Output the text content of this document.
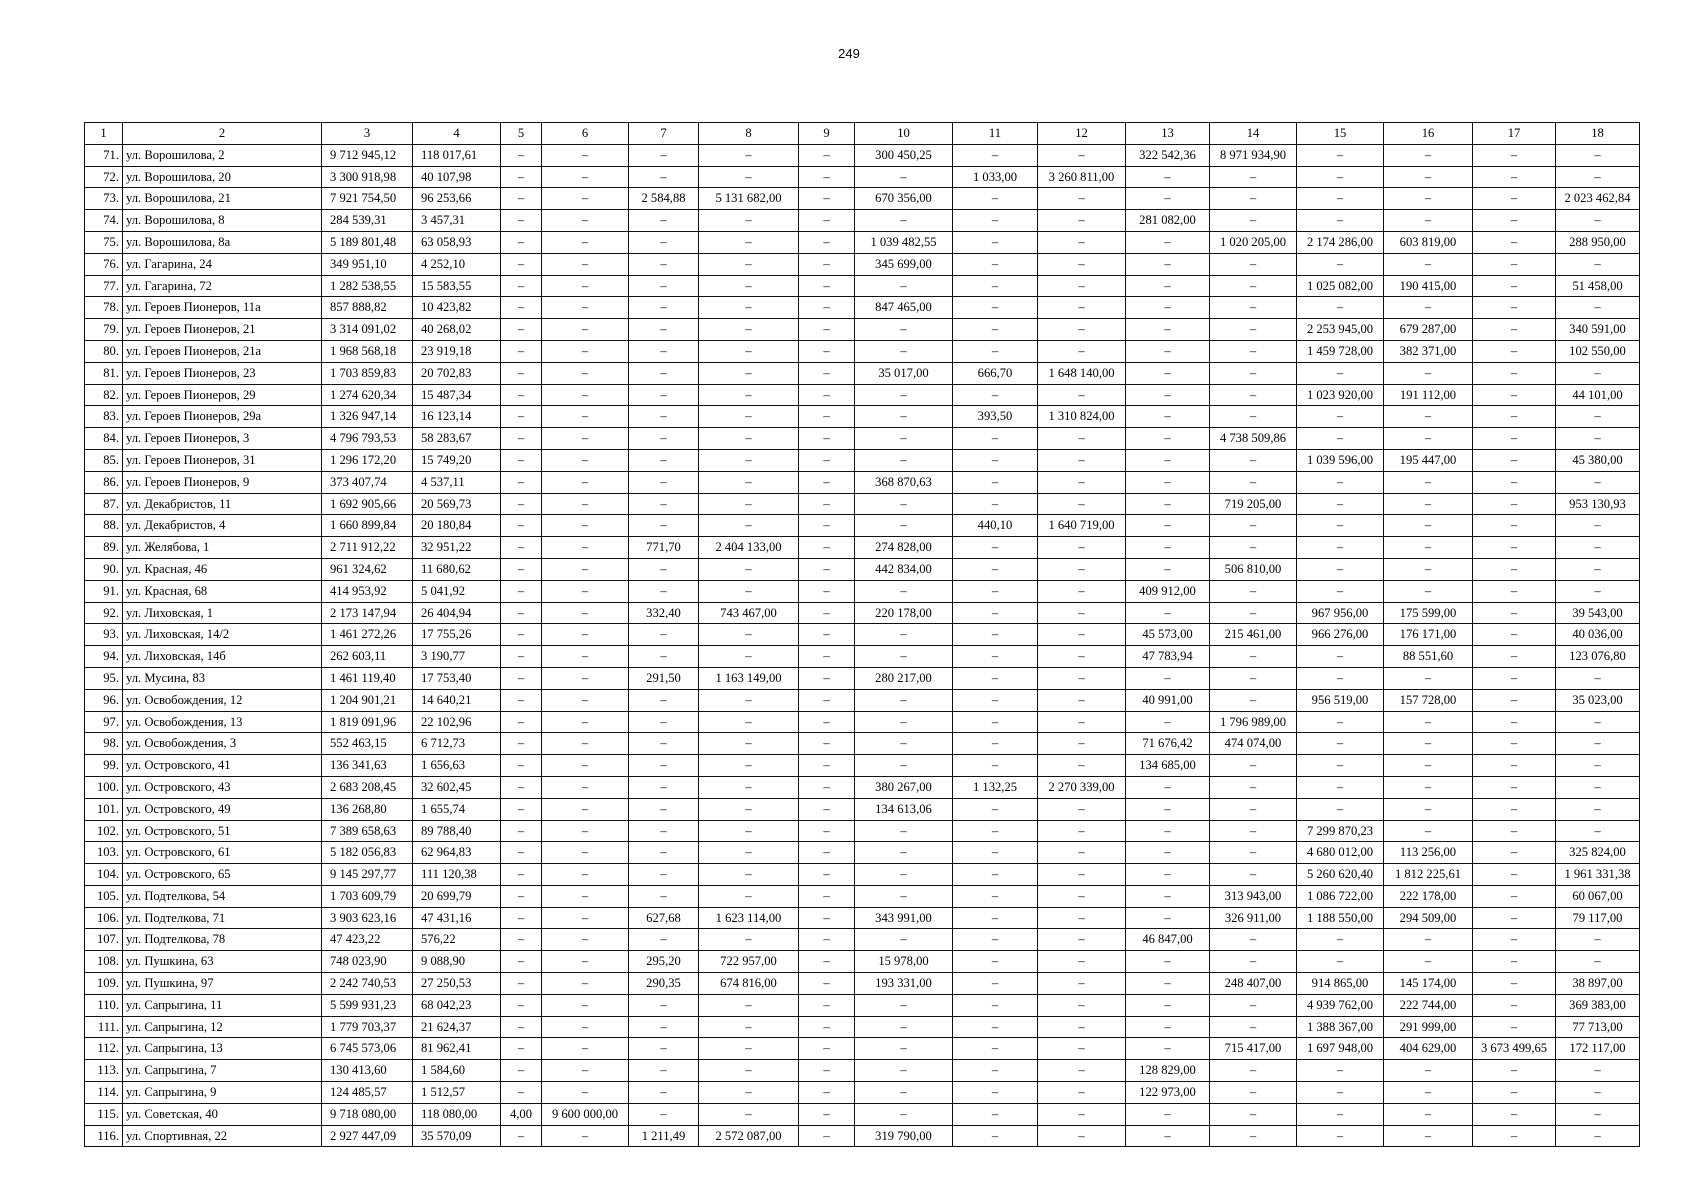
249
1	2	3	4	5	6	7	8	9	10	11	12	13	14	15	16	17	18
71.	ул. Ворошилова, 2	9 712 945,12	118 017,61	–	–	–	–	–	300 450,25	–	–	322 542,36	8 971 934,90	–	–	–	–
72.	ул. Ворошилова, 20	3 300 918,98	40 107,98	–	–	–	–	–	–	1 033,00	3 260 811,00	–	–	–	–	–	–
73.	ул. Ворошилова, 21	7 921 754,50	96 253,66	–	–	2 584,88	5 131 682,00	–	670 356,00	–	–	–	–	–	–	–	2 023 462,84
74.	ул. Ворошилова, 8	284 539,31	3 457,31	–	–	–	–	–	–	–	–	281 082,00	–	–	–	–	–
75.	ул. Ворошилова, 8а	5 189 801,48	63 058,93	–	–	–	–	–	1 039 482,55	–	–	–	1 020 205,00	2 174 286,00	603 819,00	–	288 950,00
76.	ул. Гагарина, 24	349 951,10	4 252,10	–	–	–	–	–	345 699,00	–	–	–	–	–	–	–	–
77.	ул. Гагарина, 72	1 282 538,55	15 583,55	–	–	–	–	–	–	–	–	–	–	1 025 082,00	190 415,00	–	51 458,00
78.	ул. Героев Пионеров, 11а	857 888,82	10 423,82	–	–	–	–	–	847 465,00	–	–	–	–	–	–	–	–
79.	ул. Героев Пионеров, 21	3 314 091,02	40 268,02	–	–	–	–	–	–	–	–	–	–	2 253 945,00	679 287,00	–	340 591,00
80.	ул. Героев Пионеров, 21а	1 968 568,18	23 919,18	–	–	–	–	–	–	–	–	–	–	1 459 728,00	382 371,00	–	102 550,00
81.	ул. Героев Пионеров, 23	1 703 859,83	20 702,83	–	–	–	–	–	35 017,00	666,70	1 648 140,00	–	–	–	–	–	–
82.	ул. Героев Пионеров, 29	1 274 620,34	15 487,34	–	–	–	–	–	–	–	–	–	–	1 023 920,00	191 112,00	–	44 101,00
83.	ул. Героев Пионеров, 29а	1 326 947,14	16 123,14	–	–	–	–	–	–	393,50	1 310 824,00	–	–	–	–	–	–
84.	ул. Героев Пионеров, 3	4 796 793,53	58 283,67	–	–	–	–	–	–	–	–	–	4 738 509,86	–	–	–	–
85.	ул. Героев Пионеров, 31	1 296 172,20	15 749,20	–	–	–	–	–	–	–	–	–	–	1 039 596,00	195 447,00	–	45 380,00
86.	ул. Героев Пионеров, 9	373 407,74	4 537,11	–	–	–	–	–	368 870,63	–	–	–	–	–	–	–	–
87.	ул. Декабристов, 11	1 692 905,66	20 569,73	–	–	–	–	–	–	–	–	–	719 205,00	–	–	–	953 130,93
88.	ул. Декабристов, 4	1 660 899,84	20 180,84	–	–	–	–	–	–	440,10	1 640 719,00	–	–	–	–	–	–
89.	ул. Желябова, 1	2 711 912,22	32 951,22	–	–	771,70	2 404 133,00	–	274 828,00	–	–	–	–	–	–	–	–
90.	ул. Красная, 46	961 324,62	11 680,62	–	–	–	–	–	442 834,00	–	–	–	506 810,00	–	–	–	–
91.	ул. Красная, 68	414 953,92	5 041,92	–	–	–	–	–	–	–	–	409 912,00	–	–	–	–	–
92.	ул. Лиховская, 1	2 173 147,94	26 404,94	–	–	332,40	743 467,00	–	220 178,00	–	–	–	–	967 956,00	175 599,00	–	39 543,00
93.	ул. Лиховская, 14/2	1 461 272,26	17 755,26	–	–	–	–	–	–	–	–	45 573,00	215 461,00	966 276,00	176 171,00	–	40 036,00
94.	ул. Лиховская, 14б	262 603,11	3 190,77	–	–	–	–	–	–	–	–	47 783,94	–	–	88 551,60	–	123 076,80
95.	ул. Мусина, 83	1 461 119,40	17 753,40	–	–	291,50	1 163 149,00	–	280 217,00	–	–	–	–	–	–	–	–
96.	ул. Освобождения, 12	1 204 901,21	14 640,21	–	–	–	–	–	–	–	–	40 991,00	–	956 519,00	157 728,00	–	35 023,00
97.	ул. Освобождения, 13	1 819 091,96	22 102,96	–	–	–	–	–	–	–	–	–	1 796 989,00	–	–	–	–
98.	ул. Освобождения, 3	552 463,15	6 712,73	–	–	–	–	–	–	–	–	71 676,42	474 074,00	–	–	–	–
99.	ул. Островского, 41	136 341,63	1 656,63	–	–	–	–	–	–	–	–	134 685,00	–	–	–	–	–
100.	ул. Островского, 43	2 683 208,45	32 602,45	–	–	–	–	–	380 267,00	1 132,25	2 270 339,00	–	–	–	–	–	–
101.	ул. Островского, 49	136 268,80	1 655,74	–	–	–	–	–	134 613,06	–	–	–	–	–	–	–	–
102.	ул. Островского, 51	7 389 658,63	89 788,40	–	–	–	–	–	–	–	–	–	–	7 299 870,23	–	–	–
103.	ул. Островского, 61	5 182 056,83	62 964,83	–	–	–	–	–	–	–	–	–	–	4 680 012,00	113 256,00	–	325 824,00
104.	ул. Островского, 65	9 145 297,77	111 120,38	–	–	–	–	–	–	–	–	–	–	5 260 620,40	1 812 225,61	–	1 961 331,38
105.	ул. Подтелкова, 54	1 703 609,79	20 699,79	–	–	–	–	–	–	–	–	–	313 943,00	1 086 722,00	222 178,00	–	60 067,00
106.	ул. Подтелкова, 71	3 903 623,16	47 431,16	–	–	627,68	1 623 114,00	–	343 991,00	–	–	–	326 911,00	1 188 550,00	294 509,00	–	79 117,00
107.	ул. Подтелкова, 78	47 423,22	576,22	–	–	–	–	–	–	–	–	46 847,00	–	–	–	–	–
108.	ул. Пушкина, 63	748 023,90	9 088,90	–	–	295,20	722 957,00	–	15 978,00	–	–	–	–	–	–	–	–
109.	ул. Пушкина, 97	2 242 740,53	27 250,53	–	–	290,35	674 816,00	–	193 331,00	–	–	–	248 407,00	914 865,00	145 174,00	–	38 897,00
110.	ул. Сапрыгина, 11	5 599 931,23	68 042,23	–	–	–	–	–	–	–	–	–	–	4 939 762,00	222 744,00	–	369 383,00
111.	ул. Сапрыгина, 12	1 779 703,37	21 624,37	–	–	–	–	–	–	–	–	–	–	1 388 367,00	291 999,00	–	77 713,00
112.	ул. Сапрыгина, 13	6 745 573,06	81 962,41	–	–	–	–	–	–	–	–	–	715 417,00	1 697 948,00	404 629,00	3 673 499,65	172 117,00
113.	ул. Сапрыгина, 7	130 413,60	1 584,60	–	–	–	–	–	–	–	–	128 829,00	–	–	–	–	–
114.	ул. Сапрыгина, 9	124 485,57	1 512,57	–	–	–	–	–	–	–	–	122 973,00	–	–	–	–	–
115.	ул. Советская, 40	9 718 080,00	118 080,00	4,00	9 600 000,00	–	–	–	–	–	–	–	–	–	–	–	–
116.	ул. Спортивная, 22	2 927 447,09	35 570,09	–	–	1 211,49	2 572 087,00	–	319 790,00	–	–	–	–	–	–	–	–
